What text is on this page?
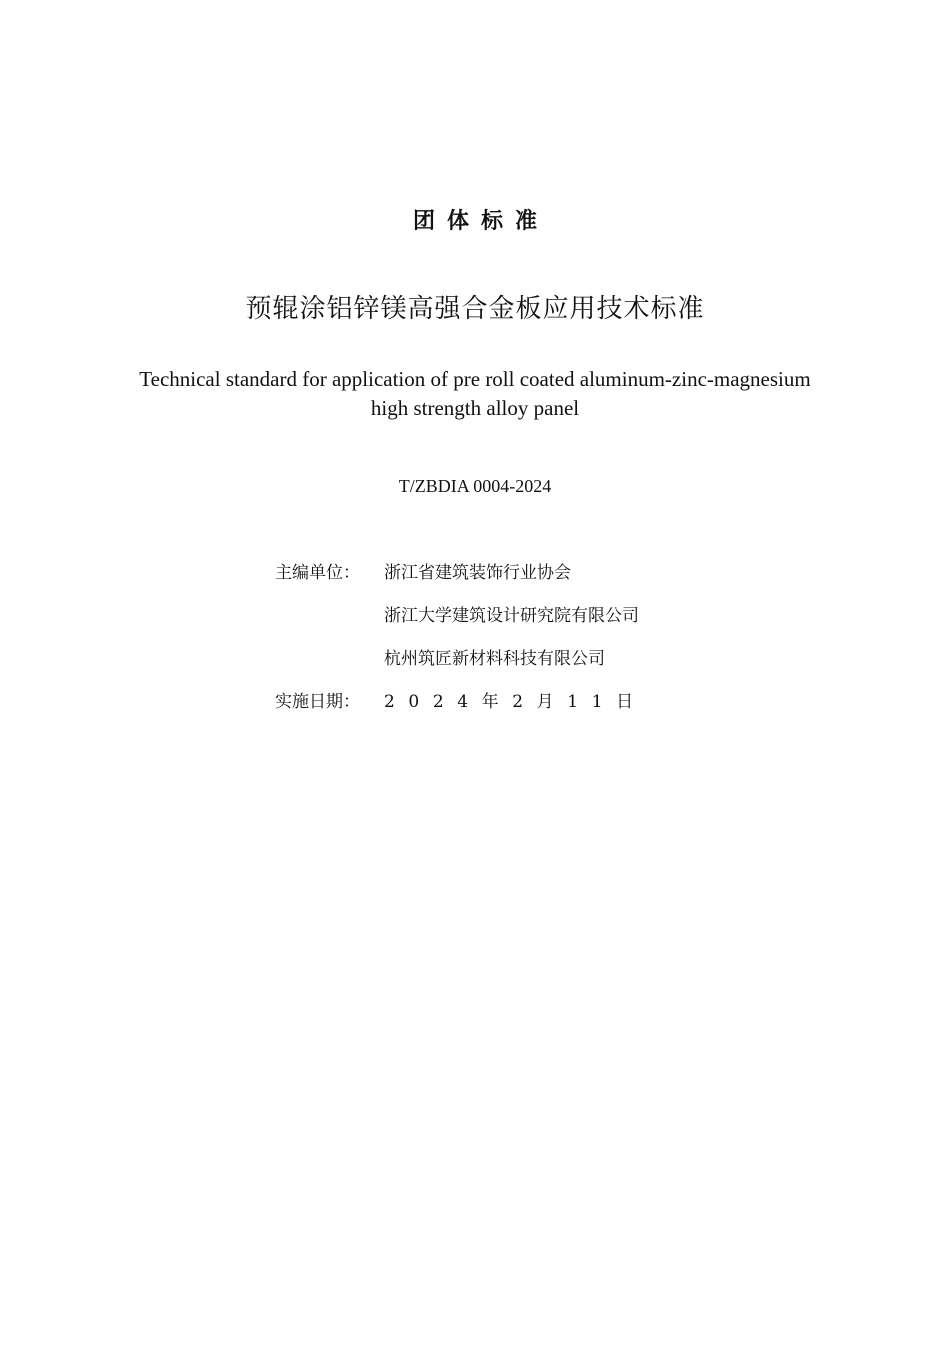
团体标准
预辊涂铝锌镁高强合金板应用技术标准
Technical standard for application of pre roll coated aluminum-zinc-magnesium
high strength alloy panel
T/ZBDIA 0004-2024
主编单位：	浙江省建筑装饰行业协会
浙江大学建筑设计研究院有限公司
杭州筑匠新材料科技有限公司
实施日期：	2024年2月11日
